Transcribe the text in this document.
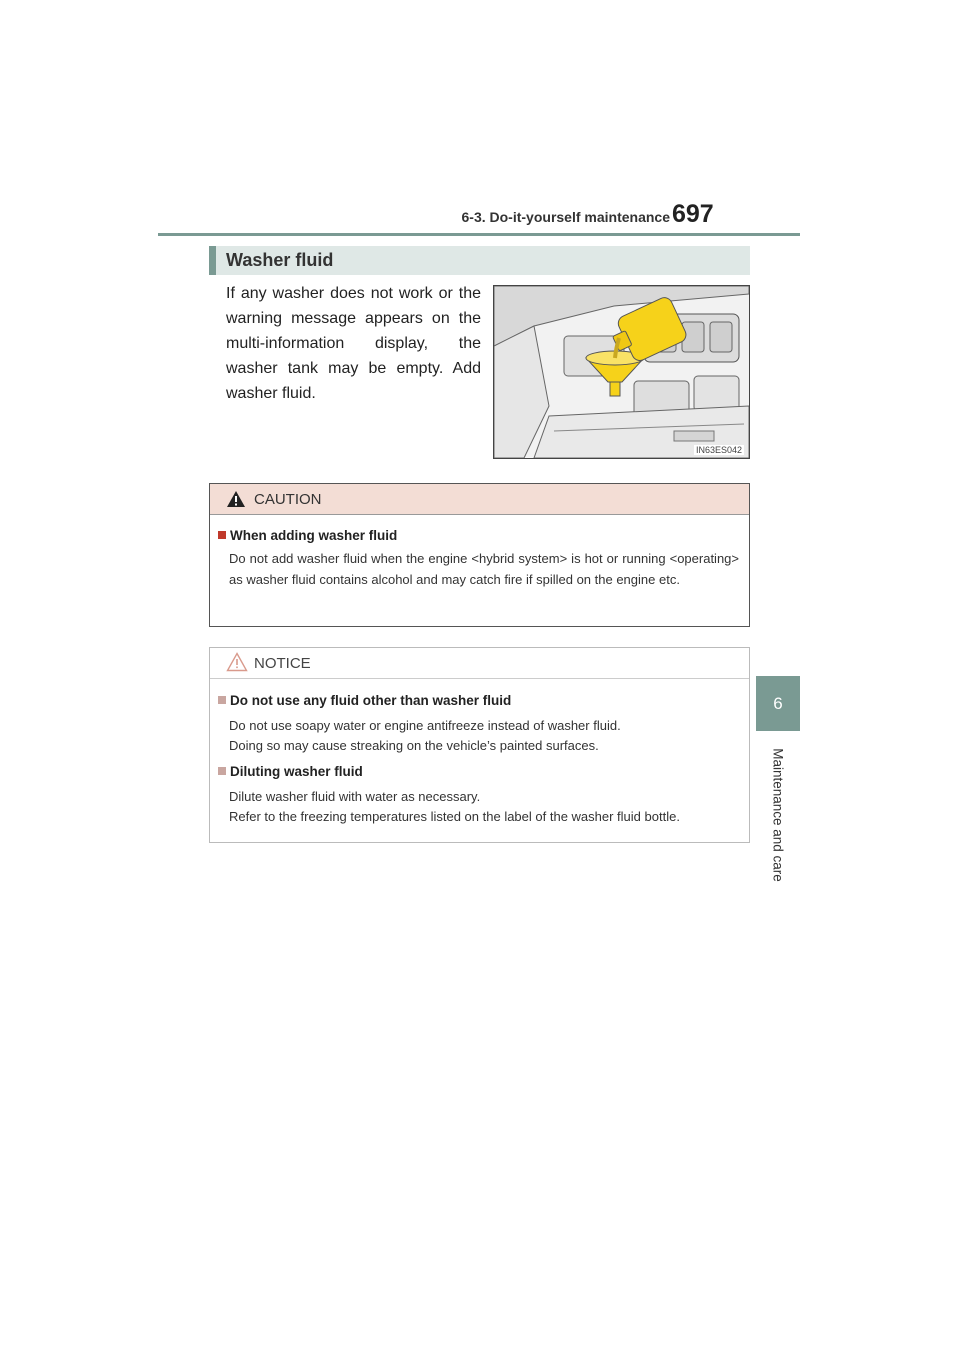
6-3. Do-it-yourself maintenance 697
6
Maintenance and care
Washer fluid
If any washer does not work or the warning message appears on the multi-information display, the washer tank may be empty. Add washer fluid.
IN63ES042
CAUTION
When adding washer fluid
Do not add washer fluid when the engine <hybrid system> is hot or running <operating> as washer fluid contains alcohol and may catch fire if spilled on the engine etc.
NOTICE
Do not use any fluid other than washer fluid
Do not use soapy water or engine antifreeze instead of washer fluid.
Doing so may cause streaking on the vehicle’s painted surfaces.
Diluting washer fluid
Dilute washer fluid with water as necessary.
Refer to the freezing temperatures listed on the label of the washer fluid bottle.
